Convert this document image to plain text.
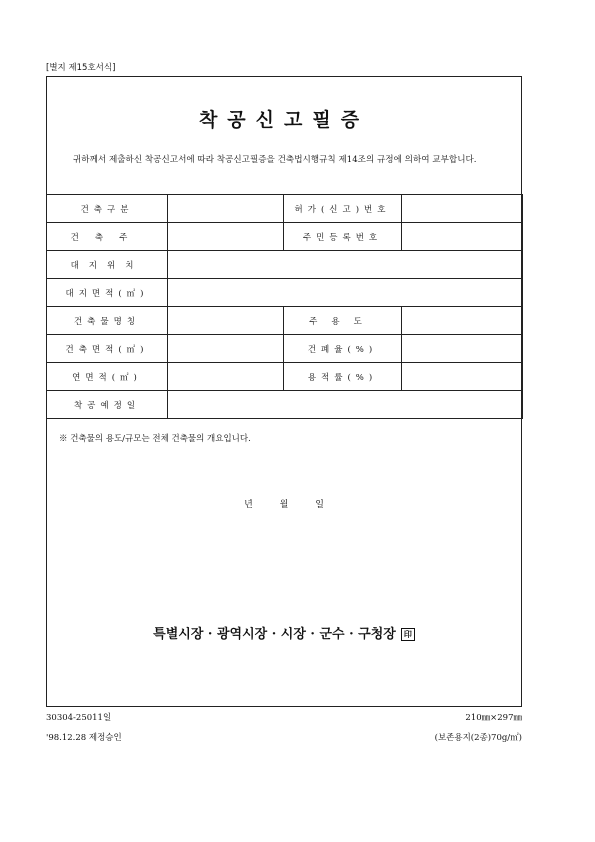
[별지 제15호서식]
착공신고필증
귀하께서 제출하신 착공신고서에 따라 착공신고필증을 건축법시행규칙 제14조의 규정에 의하여 교부합니다.
건축구분		허가(신고)번호	
건축주		주민등록번호	
대지위치			
대지면적(㎡)			
건축물명칭		주용도	
건축면적(㎡)		건폐율(%)	
연면적(㎡)		용적률(%)	
착공예정일			
※ 건축물의 용도/규모는 전체 건축물의 개요입니다.
년 월 일
특별시장 · 광역시장 · 시장 · 군수 · 구청장 印
30304-25011일
'98.12.28 제정승인
210㎜×297㎜
(보존용지(2종)70g/㎡)
